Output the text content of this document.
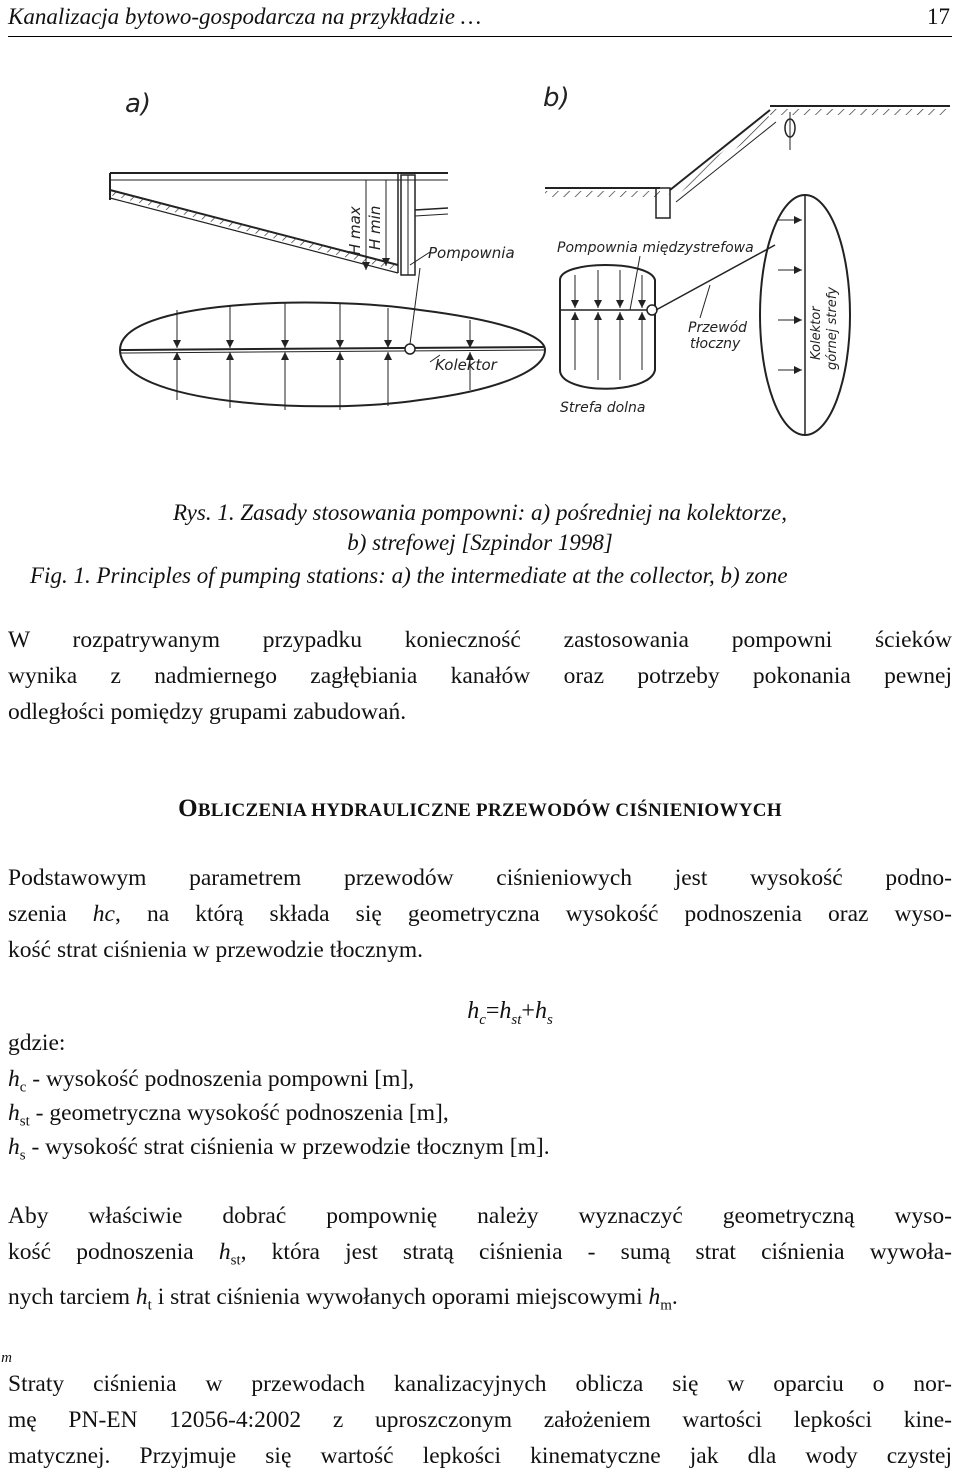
Kanalizacja bytowo-gospodarcza na przykładzie …	17
a)	b)
H max H min
Pompownia
Kolektor
Pompownia międzystrefowa
Przewód
tłoczny
Strefa dolna
Kolektor górnej strefy
Rys. 1. Zasady stosowania pompowni: a) pośredniej na kolektorze,
b) strefowej [Szpindor 1998]
Fig. 1. Principles of pumping stations: a) the intermediate at the collector, b) zone
W rozpatrywanym przypadku konieczność zastosowania pompowni ścieków
wynika z nadmiernego zagłębiania kanałów oraz potrzeby pokonania pewnej
odległości pomiędzy grupami zabudowań.
OBLICZENIA HYDRAULICZNE PRZEWODÓW CIŚNIENIOWYCH
Podstawowym parametrem przewodów ciśnieniowych jest wysokość podno-
szenia hc, na którą składa się geometryczna wysokość podnoszenia oraz wyso-
kość strat ciśnienia w przewodzie tłocznym.
$h_c=h_{st}+h_s$
gdzie:
$h_c$ - wysokość podnoszenia pompowni [m],
$h_{st}$ - geometryczna wysokość podnoszenia [m],
$h_s$ - wysokość strat ciśnienia w przewodzie tłocznym [m].
Aby właściwie dobrać pompownię należy wyznaczyć geometryczną wyso-
kość podnoszenia $h_{st}$, która jest stratą ciśnienia - sumą strat ciśnienia wywoła-
nych tarciem $h_t$ i strat ciśnienia wywołanych oporami miejscowymi $h_m$.
$_m$
Straty ciśnienia w przewodach kanalizacyjnych oblicza się w oparciu o nor-
mę PN-EN 12056-4:2002 z uproszczonym założeniem wartości lepkości kine-
matycznej. Przyjmuje się wartość lepkości kinematyczne jak dla wody czystej
